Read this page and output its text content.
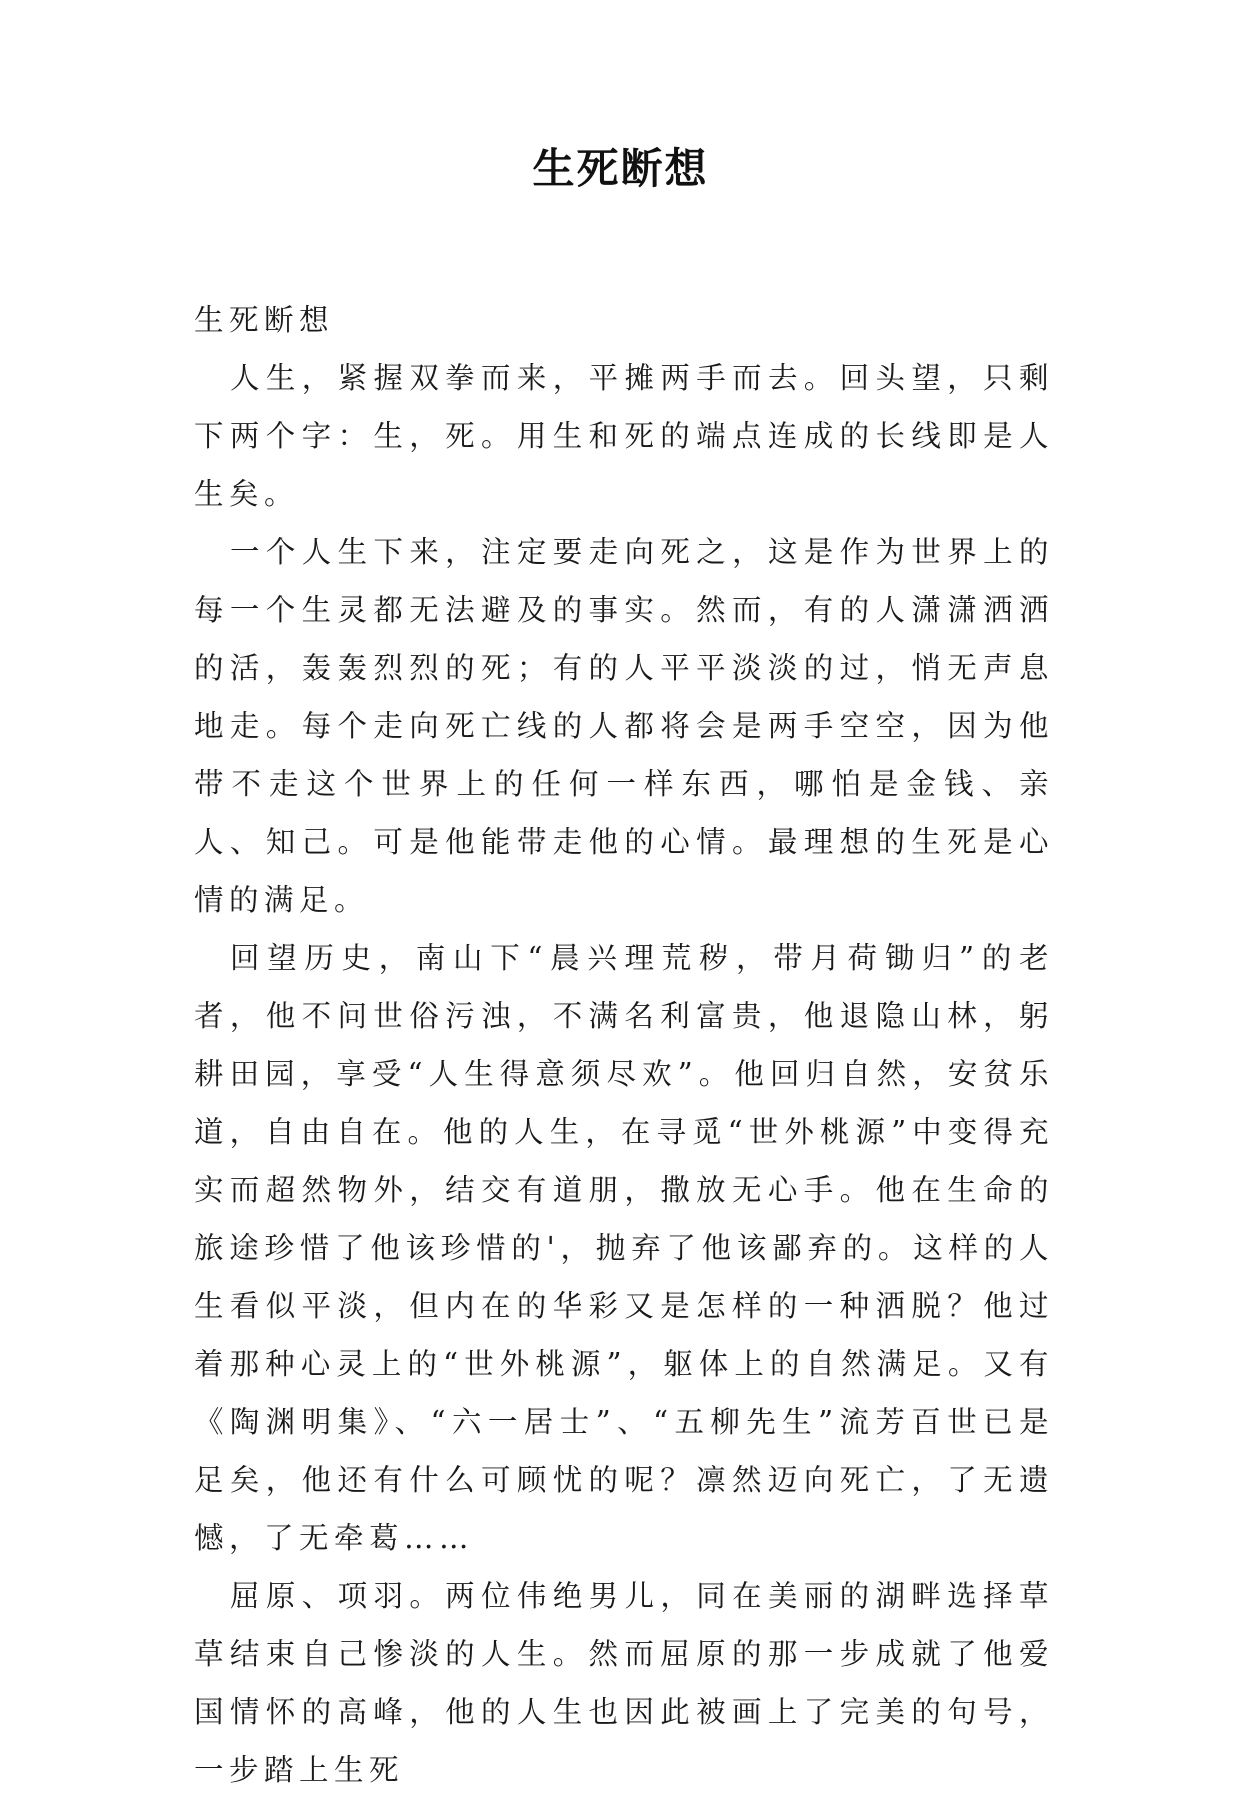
生死断想

生死断想

人生，紧握双拳而来，平摊两手而去。回头望，只剩下两个字：生，死。用生和死的端点连成的长线即是人生矣。

一个人生下来，注定要走向死之，这是作为世界上的每一个生灵都无法避及的事实。然而，有的人潇潇洒洒的活，轰轰烈烈的死；有的人平平淡淡的过，悄无声息地走。每个走向死亡线的人都将会是两手空空，因为他带不走这个世界上的任何一样东西，哪怕是金钱、亲人、知己。可是他能带走他的心情。最理想的生死是心情的满足。

回望历史，南山下“晨兴理荒秽，带月荷锄归”的老者，他不问世俗污浊，不满名利富贵，他退隐山林，躬耕田园，享受“人生得意须尽欢”。他回归自然，安贫乐道，自由自在。他的人生，在寻觅“世外桃源”中变得充实而超然物外，结交有道朋，撒放无心手。他在生命的旅途珍惜了他该珍惜的'，抛弃了他该鄙弃的。这样的人生看似平淡，但内在的华彩又是怎样的一种洒脱？他过着那种心灵上的“世外桃源”，躯体上的自然满足。又有《陶渊明集》、“六一居士”、“五柳先生”流芳百世已是足矣，他还有什么可顾忧的呢？凛然迈向死亡，了无遗憾，了无牵葛……

屈原、项羽。两位伟绝男儿，同在美丽的湖畔选择草草结束自己惨淡的人生。然而屈原的那一步成就了他爱国情怀的高峰，他的人生也因此被画上了完美的句号，一步踏上生死
